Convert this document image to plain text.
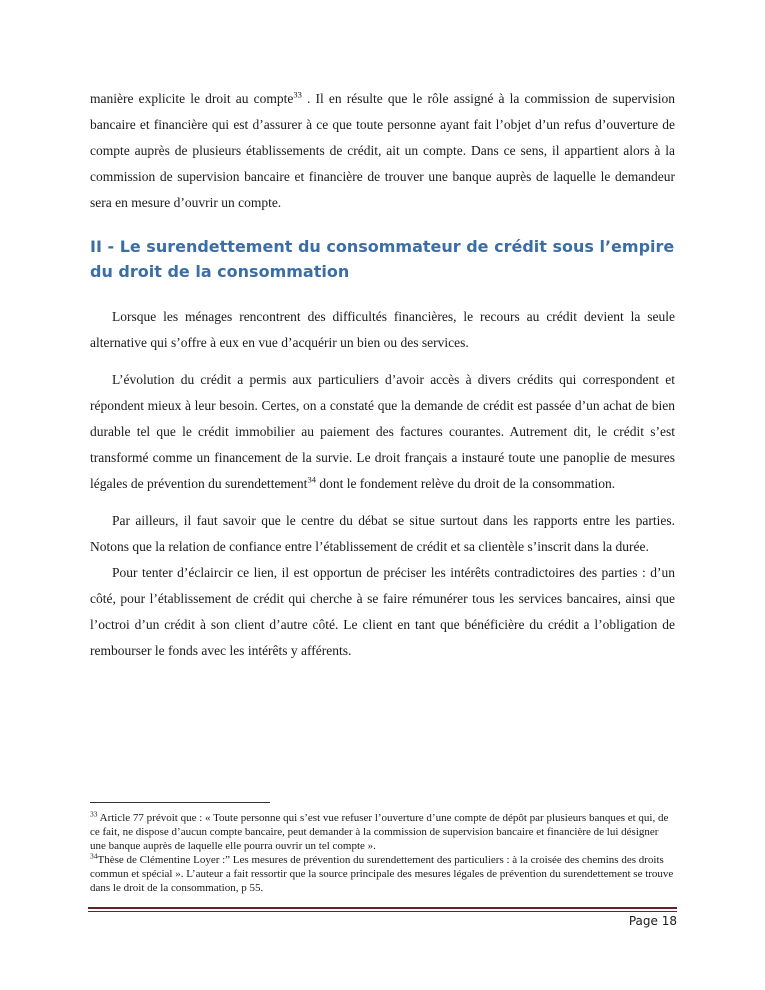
manière explicite le droit au compte$^{33}$ . Il en résulte que le rôle assigné à la commission de supervision bancaire et financière qui est d’assurer à ce que toute personne ayant fait l’objet d’un refus d’ouverture de compte auprès de plusieurs établissements de crédit, ait un compte. Dans ce sens, il appartient alors à la commission de supervision bancaire et financière de trouver une banque auprès de laquelle le demandeur sera en mesure d’ouvrir un compte.

II - Le surendettement du consommateur de crédit sous l’empire du droit de la consommation

Lorsque les ménages rencontrent des difficultés financières, le recours au crédit devient la seule alternative qui s’offre à eux en vue d’acquérir un bien ou des services.

L’évolution du crédit a permis aux particuliers d’avoir accès à divers crédits qui correspondent et répondent mieux à leur besoin. Certes, on a constaté que la demande de crédit est passée d’un achat de bien durable tel que le crédit immobilier au paiement des factures courantes. Autrement dit, le crédit s’est transformé comme un financement de la survie. Le droit français a instauré toute une panoplie de mesures légales de prévention du surendettement$^{34}$ dont le fondement relève du droit de la consommation.

Par ailleurs, il faut savoir que le centre du débat se situe surtout dans les rapports entre les parties. Notons que la relation de confiance entre l’établissement de crédit et sa clientèle s’inscrit dans la durée.

Pour tenter d’éclaircir ce lien, il est opportun de préciser les intérêts contradictoires des parties : d’un côté, pour l’établissement de crédit qui cherche à se faire rémunérer tous les services bancaires, ainsi que l’octroi d’un crédit à son client d’autre côté. Le client en tant que bénéficière du crédit a l’obligation de rembourser le fonds avec les intérêts y afférents.

$^{33}$ Article 77 prévoit que : « Toute personne qui s’est vue refuser l’ouverture d’une compte de dépôt par plusieurs banques et qui, de ce fait, ne dispose d’aucun compte bancaire, peut demander à la commission de supervision bancaire et financière de lui désigner une banque auprès de laquelle elle pourra ouvrir un tel compte ».

$^{34}$Thèse de Clémentine Loyer :” Les mesures de prévention du surendettement des particuliers : à la croisée des chemins des droits commun et spécial ». L’auteur a fait ressortir que la source principale des mesures légales de prévention du surendettement se trouve dans le droit de la consommation, p 55.

Page 18
